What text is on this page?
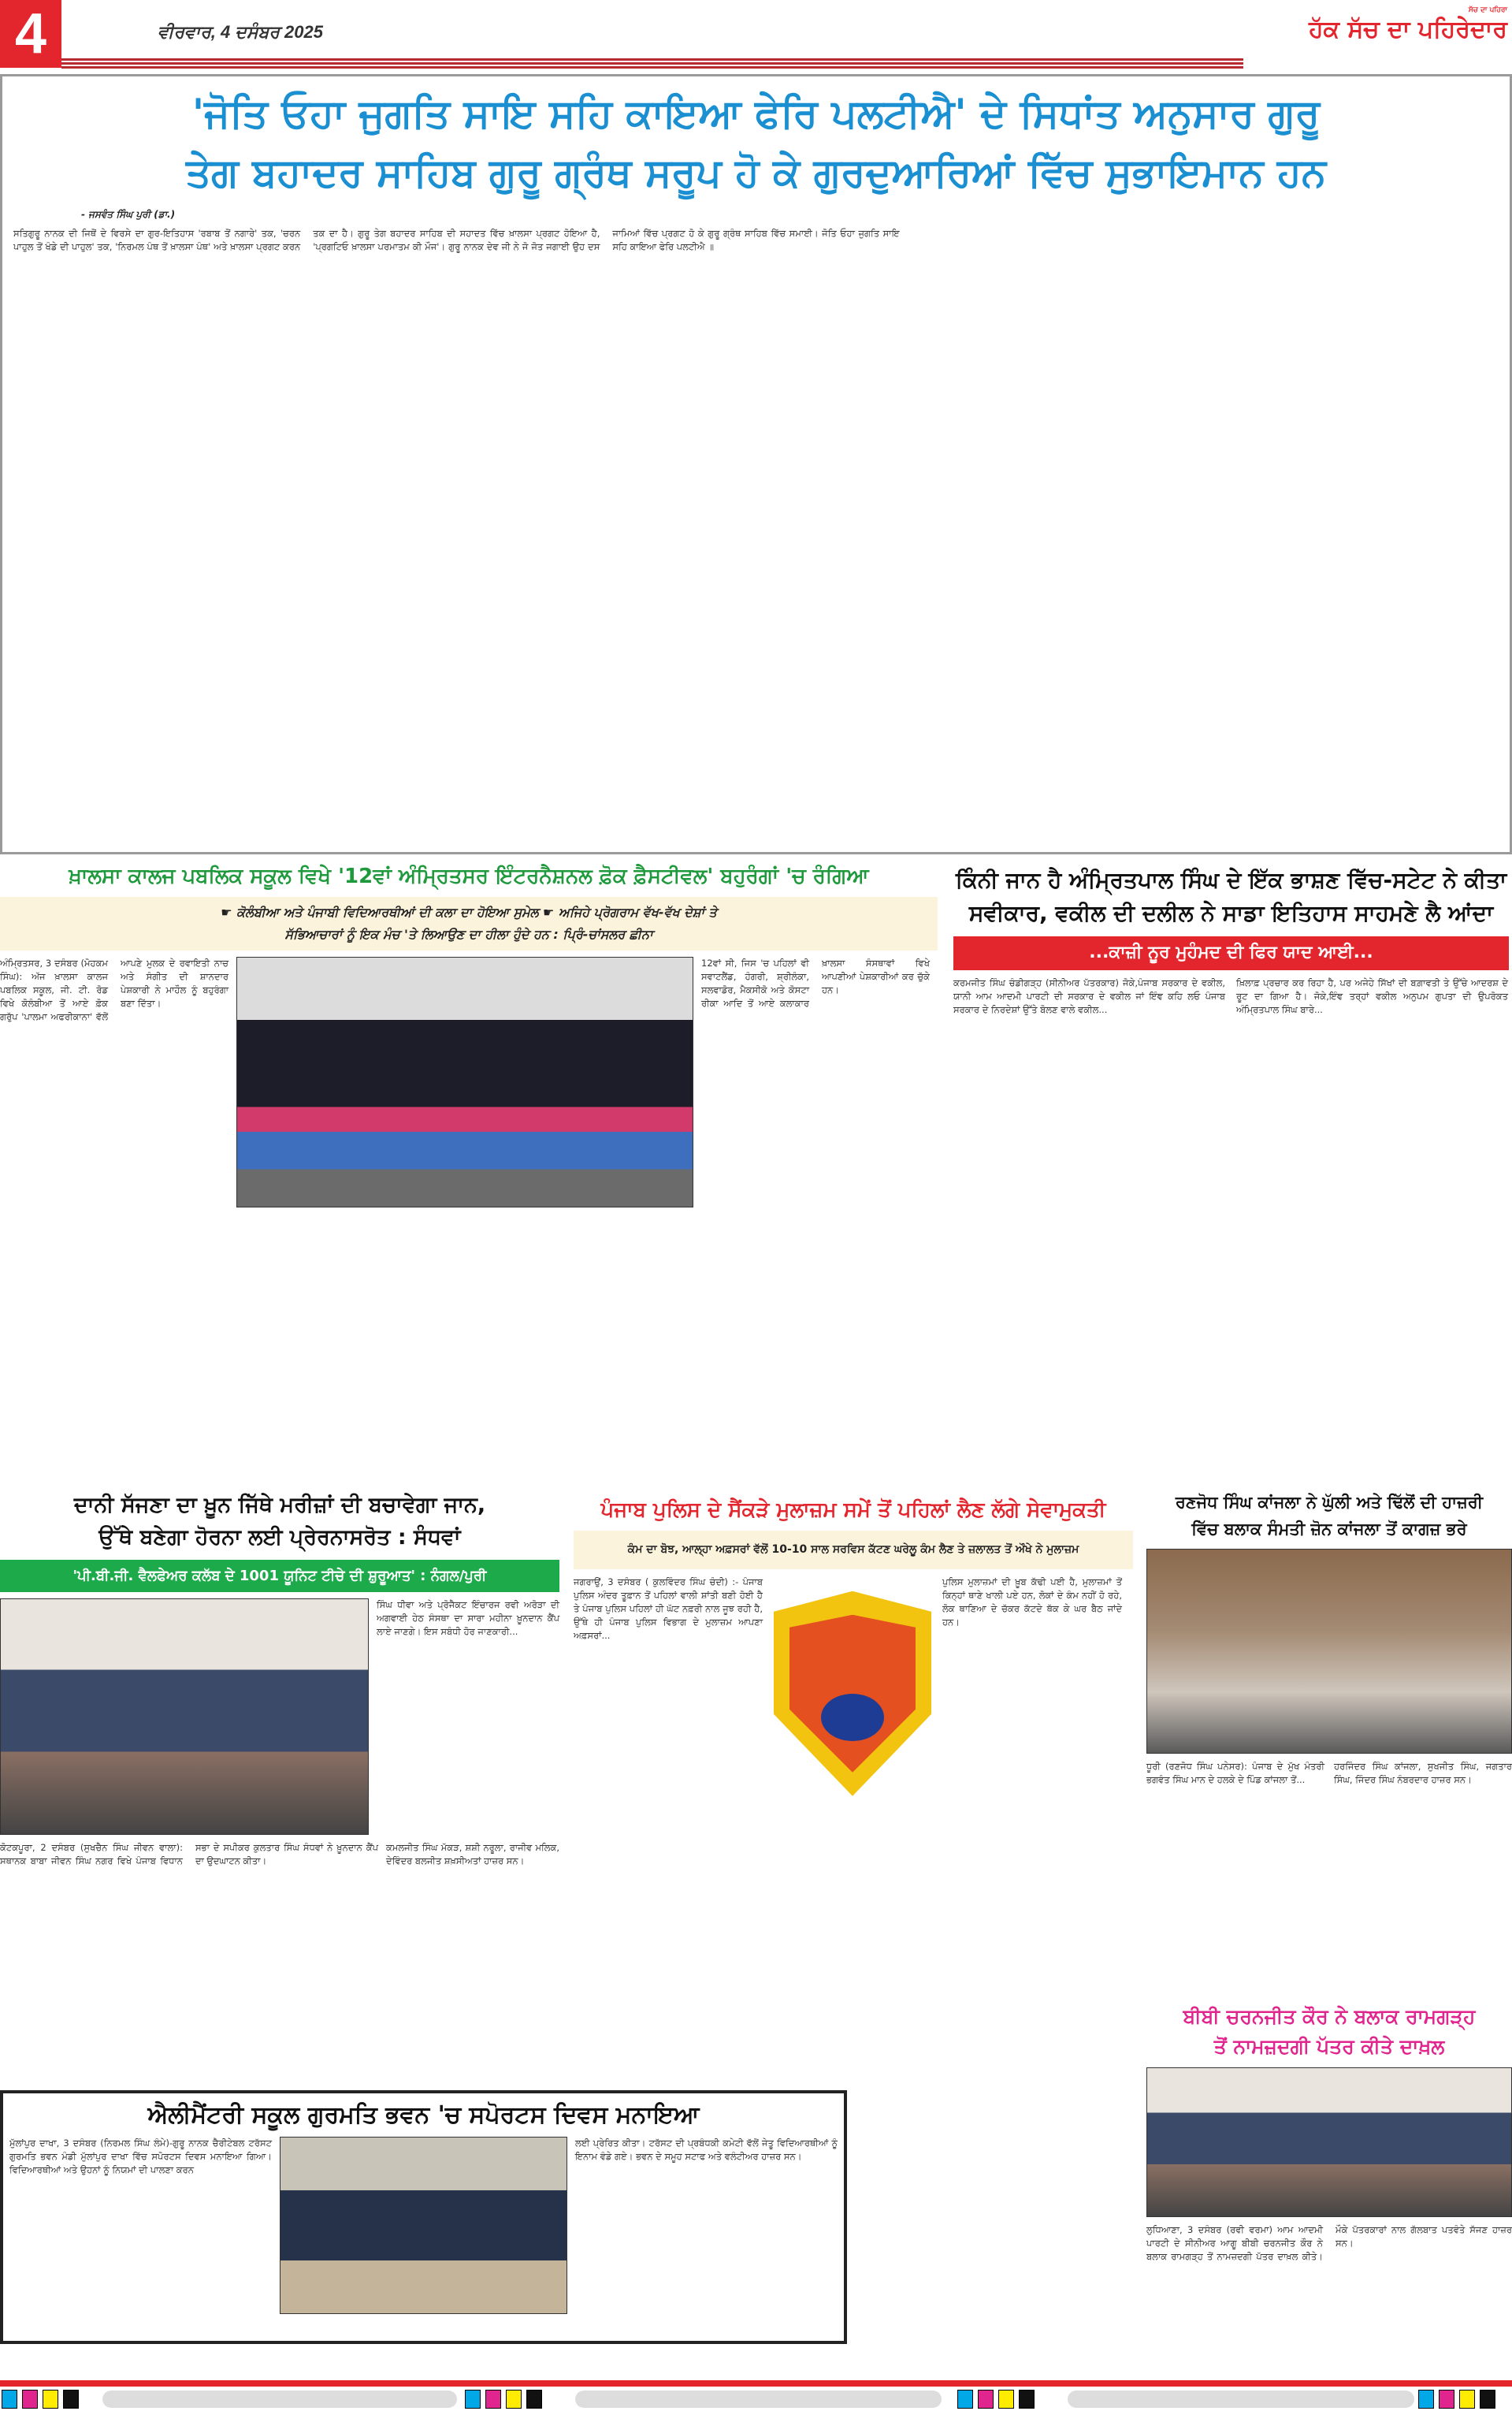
4	ਵੀਰਵਾਰ, 4 ਦਸੰਬਰ 2025	ਹੱਕ ਸੱਚ ਦਾ ਪਹਿਰੇਦਾਰ
ਸੱਚ ਦਾ ਪਹਿਰਾ
'ਜੋਤਿ ਓਹਾ ਜੁਗਤਿ ਸਾਇ ਸਹਿ ਕਾਇਆ ਫੇਰਿ ਪਲਟੀਐ' ਦੇ ਸਿਧਾਂਤ ਅਨੁਸਾਰ ਗੁਰੂ
ਤੇਗ ਬਹਾਦਰ ਸਾਹਿਬ ਗੁਰੂ ਗ੍ਰੰਥ ਸਰੂਪ ਹੋ ਕੇ ਗੁਰਦੁਆਰਿਆਂ ਵਿੱਚ ਸੁਭਾਇਮਾਨ ਹਨ
- ਜਸਵੰਤ ਸਿੰਘ ਪੁਰੀ (ਡਾ.)

ਸਤਿਗੁਰੂ ਨਾਨਕ ਦੀ ਜਿਥੋਂ ਦੇ ਵਿਰਸੇ ਦਾ ਗੁਰ-ਇਤਿਹਾਸ 'ਰਬਾਬ ਤੋਂ ਨਗਾਰੇ' ਤਕ, 'ਚਰਨ ਪਾਹੁਲ ਤੋਂ ਖੰਡੇ ਦੀ ਪਾਹੁਲ' ਤਕ, 'ਨਿਰਮਲ ਪੰਥ ਤੋਂ ਖ਼ਾਲਸਾ ਪੰਥ' ਅਤੇ ਖ਼ਾਲਸਾ ਪ੍ਰਗਟ ਕਰਨ ਤਕ ਦਾ ਹੈ। ਗੁਰੂ ਤੇਗ ਬਹਾਦਰ ਸਾਹਿਬ ਦੀ ਸਹਾਦਤ ਵਿੱਚ ਖ਼ਾਲਸਾ ਪ੍ਰਗਟ ਹੋਇਆ ਹੈ, 'ਪ੍ਰਗਟਿਓ ਖ਼ਾਲਸਾ ਪਰਮਾਤਮ ਕੀ ਮੌਜ'। ਗੁਰੂ ਨਾਨਕ ਦੇਵ ਜੀ ਨੇ ਜੋ ਜੋਤ ਜਗਾਈ ਉਹ ਦਸ ਜਾਮਿਆਂ ਵਿੱਚ ਪ੍ਰਗਟ ਹੋ ਕੇ ਗੁਰੂ ਗ੍ਰੰਥ ਸਾਹਿਬ ਵਿੱਚ ਸਮਾਈ। ਜੋਤਿ ਓਹਾ ਜੁਗਤਿ ਸਾਇ ਸਹਿ ਕਾਇਆ ਫੇਰਿ ਪਲਟੀਐ ॥

ਖ਼ਾਲਸਾ ਕਾਲਜ ਪਬਲਿਕ ਸਕੂਲ ਵਿਖੇ '12ਵਾਂ ਅੰਮ੍ਰਿਤਸਰ ਇੰਟਰਨੈਸ਼ਨਲ ਫ਼ੋਕ ਫ਼ੈਸਟੀਵਲ' ਬਹੁਰੰਗਾਂ 'ਚ ਰੰਗਿਆ
☛ ਕੋਲੰਬੀਆ ਅਤੇ ਪੰਜਾਬੀ ਵਿਦਿਆਰਥੀਆਂ ਦੀ ਕਲਾ ਦਾ ਹੋਇਆ ਸੁਮੇਲ ☛ ਅਜਿਹੇ ਪ੍ਰੋਗਰਾਮ ਵੱਖ-ਵੱਖ ਦੇਸ਼ਾਂ ਤੇ
ਸੱਭਿਆਚਾਰਾਂ ਨੂੰ ਇਕ ਮੰਚ 'ਤੇ ਲਿਆਉਣ ਦਾ ਹੀਲਾ ਹੁੰਦੇ ਹਨ : ਪ੍ਰਿੰ-ਚਾਂਸਲਰ ਛੀਨਾ

ਅੰਮ੍ਰਿਤਸਰ, 3 ਦਸੰਬਰ (ਮੋਹਕਮ ਸਿੰਘ): ਅੱਜ ਖ਼ਾਲਸਾ ਕਾਲਜ ਪਬਲਿਕ ਸਕੂਲ, ਜੀ. ਟੀ. ਰੋਡ ਵਿਖੇ ਕੋਲੰਬੀਆ ਤੋਂ ਆਏ ਫ਼ੋਕ ਗਰੁੱਪ 'ਪਾਲਮਾ ਅਫਰੀਕਾਨਾ' ਵੱਲੋਂ ਆਪਣੇ ਮੁਲਕ ਦੇ ਰਵਾਇਤੀ ਨਾਚ ਅਤੇ ਸੰਗੀਤ ਦੀ ਸ਼ਾਨਦਾਰ ਪੇਸ਼ਕਾਰੀ ਨੇ ਮਾਹੌਲ ਨੂੰ ਬਹੁਰੰਗਾ ਬਣਾ ਦਿੱਤਾ।

12ਵਾਂ ਸੀ, ਜਿਸ 'ਚ ਪਹਿਲਾਂ ਵੀ ਸਵਾਟਲੈਂਡ, ਹੰਗਰੀ, ਸ਼੍ਰੀਲੰਕਾ, ਸਲਵਾਡੋਰ, ਮੈਕਸੀਕੋ ਅਤੇ ਕੋਸਟਾ ਰੀਕਾ ਆਦਿ ਤੋਂ ਆਏ ਕਲਾਕਾਰ ਖ਼ਾਲਸਾ ਸੰਸਥਾਵਾਂ ਵਿਖੇ ਆਪਣੀਆਂ ਪੇਸ਼ਕਾਰੀਆਂ ਕਰ ਚੁੱਕੇ ਹਨ।

ਕਿੰਨੀ ਜਾਨ ਹੈ ਅੰਮ੍ਰਿਤਪਾਲ ਸਿੰਘ ਦੇ ਇੱਕ ਭਾਸ਼ਣ ਵਿੱਚ-ਸਟੇਟ ਨੇ ਕੀਤਾ
ਸਵੀਕਾਰ, ਵਕੀਲ ਦੀ ਦਲੀਲ ਨੇ ਸਾਡਾ ਇਤਿਹਾਸ ਸਾਹਮਣੇ ਲੈ ਆਂਦਾ
...ਕਾਜ਼ੀ ਨੂਰ ਮੁਹੰਮਦ ਦੀ ਫਿਰ ਯਾਦ ਆਈ...

ਕਰਮਜੀਤ ਸਿੰਘ ਚੰਡੀਗੜ੍ਹ (ਸੀਨੀਅਰ ਪੱਤਰਕਾਰ) ਜੋਕੇ,ਪੰਜਾਬ ਸਰਕਾਰ ਦੇ ਵਕੀਲ, ਯਾਨੀ ਆਮ ਆਦਮੀ ਪਾਰਟੀ ਦੀ ਸਰਕਾਰ ਦੇ ਵਕੀਲ ਜਾਂ ਇੰਞ ਕਹਿ ਲਓ ਪੰਜਾਬ ਸਰਕਾਰ ਦੇ ਨਿਰਦੇਸ਼ਾਂ ਉੱਤੇ ਬੋਲਣ ਵਾਲੇ ਵਕੀਲ...

ਖ਼ਿਲਾਫ਼ ਪ੍ਰਚਾਰ ਕਰ ਰਿਹਾ ਹੈ, ਪਰ ਅਜੇਹੇ ਸਿੱਖਾਂ ਦੀ ਬਗ਼ਾਵਤੀ ਤੇ ਉੱਚੇ ਆਦਰਸ਼ ਦੇ ਰੂਟ ਦਾ ਗਿਆ ਹੈ। ਜੋਕੇ,ਇੰਞ ਤਰ੍ਹਾਂ ਵਕੀਲ ਅਨੁਪਮ ਗੁਪਤਾ ਦੀ ਉਪਰੋਕਤ ਅੰਮ੍ਰਿਤਪਾਲ ਸਿੰਘ ਬਾਰੇ...

ਦਾਨੀ ਸੱਜਣਾ ਦਾ ਖ਼ੂਨ ਜਿੱਥੇ ਮਰੀਜ਼ਾਂ ਦੀ ਬਚਾਵੇਗਾ ਜਾਨ,
ਉੱਥੇ ਬਣੇਗਾ ਹੋਰਨਾ ਲਈ ਪ੍ਰੇਰਨਾਸਰੋਤ : ਸੰਧਵਾਂ
'ਪੀ.ਬੀ.ਜੀ. ਵੈਲਫੇਅਰ ਕਲੱਬ ਦੇ 1001 ਯੂਨਿਟ ਟੀਚੇ ਦੀ ਸ਼ੁਰੂਆਤ' : ਨੰਗਲ/ਪੁਰੀ

ਸਿੰਘ ਧੀਵਾ ਅਤੇ ਪ੍ਰੋਜੈਕਟ ਇੰਚਾਰਜ ਰਵੀ ਅਰੋੜਾ ਦੀ ਅਗਵਾਈ ਹੇਠ ਸੰਸਥਾ ਦਾ ਸਾਰਾ ਮਹੀਨਾ ਖ਼ੂਨਦਾਨ ਕੈਂਪ ਲਾਏ ਜਾਣਗੇ। ਇਸ ਸਬੰਧੀ ਹੋਰ ਜਾਣਕਾਰੀ...

ਕੋਟਕਪੂਰਾ, 2 ਦਸੰਬਰ (ਸੁਖਚੈਨ ਸਿੰਘ ਜੀਵਨ ਵਾਲਾ): ਸਥਾਨਕ ਬਾਬਾ ਜੀਵਨ ਸਿੰਘ ਨਗਰ ਵਿਖੇ ਪੰਜਾਬ ਵਿਧਾਨ ਸਭਾ ਦੇ ਸਪੀਕਰ ਕੁਲਤਾਰ ਸਿੰਘ ਸੰਧਵਾਂ ਨੇ ਖ਼ੂਨਦਾਨ ਕੈਂਪ ਦਾ ਉਦਘਾਟਨ ਕੀਤਾ।

ਕਮਲਜੀਤ ਸਿੰਘ ਮੱਕੜ, ਸ਼ਸ਼ੀ ਨਰੂਲਾ, ਰਾਜੀਵ ਮਲਿਕ, ਦੇਵਿੰਦਰ ਬਲਜੀਤ ਸ਼ਖ਼ਸੀਅਤਾਂ ਹਾਜ਼ਰ ਸਨ।

ਪੰਜਾਬ ਪੁਲਿਸ ਦੇ ਸੈਂਕੜੇ ਮੁਲਾਜ਼ਮ ਸਮੇਂ ਤੋਂ ਪਹਿਲਾਂ ਲੈਣ ਲੱਗੇ ਸੇਵਾਮੁਕਤੀ
ਕੰਮ ਦਾ ਬੋਝ, ਆਲ੍ਹਾ ਅਫ਼ਸਰਾਂ ਵੱਲੋਂ 10-10 ਸਾਲ ਸਰਵਿਸ ਕੱਟਣ ਘਰੇਲੂ ਕੰਮ ਲੈਣ ਤੇ ਜ਼ਲਾਲਤ ਤੋਂ ਔਖੇ ਨੇ ਮੁਲਾਜ਼ਮ

ਜਗਰਾਉਂ, 3 ਦਸੰਬਰ ( ਕੁਲਵਿੰਦਰ ਸਿੰਘ ਚੰਦੀ) :- ਪੰਜਾਬ ਪੁਲਿਸ ਅੰਦਰ ਤੂਫ਼ਾਨ ਤੋਂ ਪਹਿਲਾਂ ਵਾਲੀ ਸ਼ਾਂਤੀ ਬਣੀ ਹੋਈ ਹੈ ਤੇ ਪੰਜਾਬ ਪੁਲਿਸ ਪਹਿਲਾਂ ਹੀ ਘੱਟ ਨਫ਼ਰੀ ਨਾਲ ਜੂਝ ਰਹੀ ਹੈ, ਉੱਥੇ ਹੀ ਪੰਜਾਬ ਪੁਲਿਸ ਵਿਭਾਗ ਦੇ ਮੁਲਾਜ਼ਮ ਆਪਣਾ ਅਫ਼ਸਰਾਂ...

ਪੁਲਿਸ ਮੁਲਾਜ਼ਮਾਂ ਦੀ ਖ਼ੂਬ ਕੱਢੀ ਪਈ ਹੈ, ਮੁਲਾਜ਼ਮਾਂ ਤੋਂ ਕਿਨ੍ਹਾਂ ਥਾਣੇ ਖਾਲੀ ਪਏ ਹਨ, ਲੋਕਾਂ ਦੇ ਕੰਮ ਨਹੀਂ ਹੋ ਰਹੇ, ਲੋਕ ਥਾਣਿਆ ਦੇ ਚੱਕਰ ਕੱਟਦੇ ਥੱਕ ਕੇ ਘਰ ਬੈਠ ਜਾਂਦੇ ਹਨ।

ਰਣਜੋਧ ਸਿੰਘ ਕਾਂਜਲਾ ਨੇ ਘੁੱਲੀ ਅਤੇ ਢਿੱਲੋਂ ਦੀ ਹਾਜ਼ਰੀ
ਵਿੱਚ ਬਲਾਕ ਸੰਮਤੀ ਜ਼ੋਨ ਕਾਂਜਲਾ ਤੋਂ ਕਾਗਜ਼ ਭਰੇ

ਧੂਰੀ (ਰਣਜੋਧ ਸਿੰਘ ਪਨੇਸਰ): ਪੰਜਾਬ ਦੇ ਮੁੱਖ ਮੰਤਰੀ ਭਗਵੰਤ ਸਿੰਘ ਮਾਨ ਦੇ ਹਲਕੇ ਦੇ ਪਿੰਡ ਕਾਂਜਲਾ ਤੋਂ...

ਹਰਜਿੰਦਰ ਸਿੰਘ ਕਾਂਜਲਾ, ਸੁਖਜੀਤ ਸਿੰਘ, ਜਗਤਾਰ ਸਿੰਘ, ਜਿੰਦਰ ਸਿੰਘ ਨੰਬਰਦਾਰ ਹਾਜ਼ਰ ਸਨ।

ਬੀਬੀ ਚਰਨਜੀਤ ਕੌਰ ਨੇ ਬਲਾਕ ਰਾਮਗੜ੍ਹ
ਤੋਂ ਨਾਮਜ਼ਦਗੀ ਪੱਤਰ ਕੀਤੇ ਦਾਖ਼ਲ

ਲੁਧਿਆਣਾ, 3 ਦਸੰਬਰ (ਰਵੀ ਵਰਮਾ) ਆਮ ਆਦਮੀ ਪਾਰਟੀ ਦੇ ਸੀਨੀਅਰ ਆਗੂ ਬੀਬੀ ਚਰਨਜੀਤ ਕੌਰ ਨੇ ਬਲਾਕ ਰਾਮਗੜ੍ਹ ਤੋਂ ਨਾਮਜ਼ਦਗੀ ਪੱਤਰ ਦਾਖ਼ਲ ਕੀਤੇ। ਮੌਕੇ ਪੱਤਰਕਾਰਾਂ ਨਾਲ ਗੱਲਬਾਤ ਪਤਵੰਤੇ ਸੱਜਣ ਹਾਜ਼ਰ ਸਨ।

ਐਲੀਮੈਂਟਰੀ ਸਕੂਲ ਗੁਰਮਤਿ ਭਵਨ 'ਚ ਸਪੋਰਟਸ ਦਿਵਸ ਮਨਾਇਆ

ਮੁੱਲਾਂਪੁਰ ਦਾਖਾ, 3 ਦਸੰਬਰ (ਨਿਰਮਲ ਸਿੰਘ ਲੰਮੇ)-ਗੁਰੂ ਨਾਨਕ ਚੈਰੀਟੇਬਲ ਟਰੱਸਟ ਗੁਰਮਤਿ ਭਵਨ ਮੰਡੀ ਮੁੱਲਾਂਪੁਰ ਦਾਖਾ ਵਿੱਚ ਸਪੋਰਟਸ ਦਿਵਸ ਮਨਾਇਆ ਗਿਆ। ਵਿਦਿਆਰਥੀਆਂ ਅਤੇ ਉਹਨਾਂ ਨੂੰ ਨਿਯਮਾਂ ਦੀ ਪਾਲਣਾ ਕਰਨ

ਲਈ ਪ੍ਰੇਰਿਤ ਕੀਤਾ। ਟਰੱਸਟ ਦੀ ਪ੍ਰਬੰਧਕੀ ਕਮੇਟੀ ਵੱਲੋਂ ਜੇਤੂ ਵਿਦਿਆਰਥੀਆਂ ਨੂੰ ਇਨਾਮ ਵੰਡੇ ਗਏ। ਭਵਨ ਦੇ ਸਮੂਹ ਸਟਾਫ ਅਤੇ ਵਲੰਟੀਅਰ ਹਾਜ਼ਰ ਸਨ।
